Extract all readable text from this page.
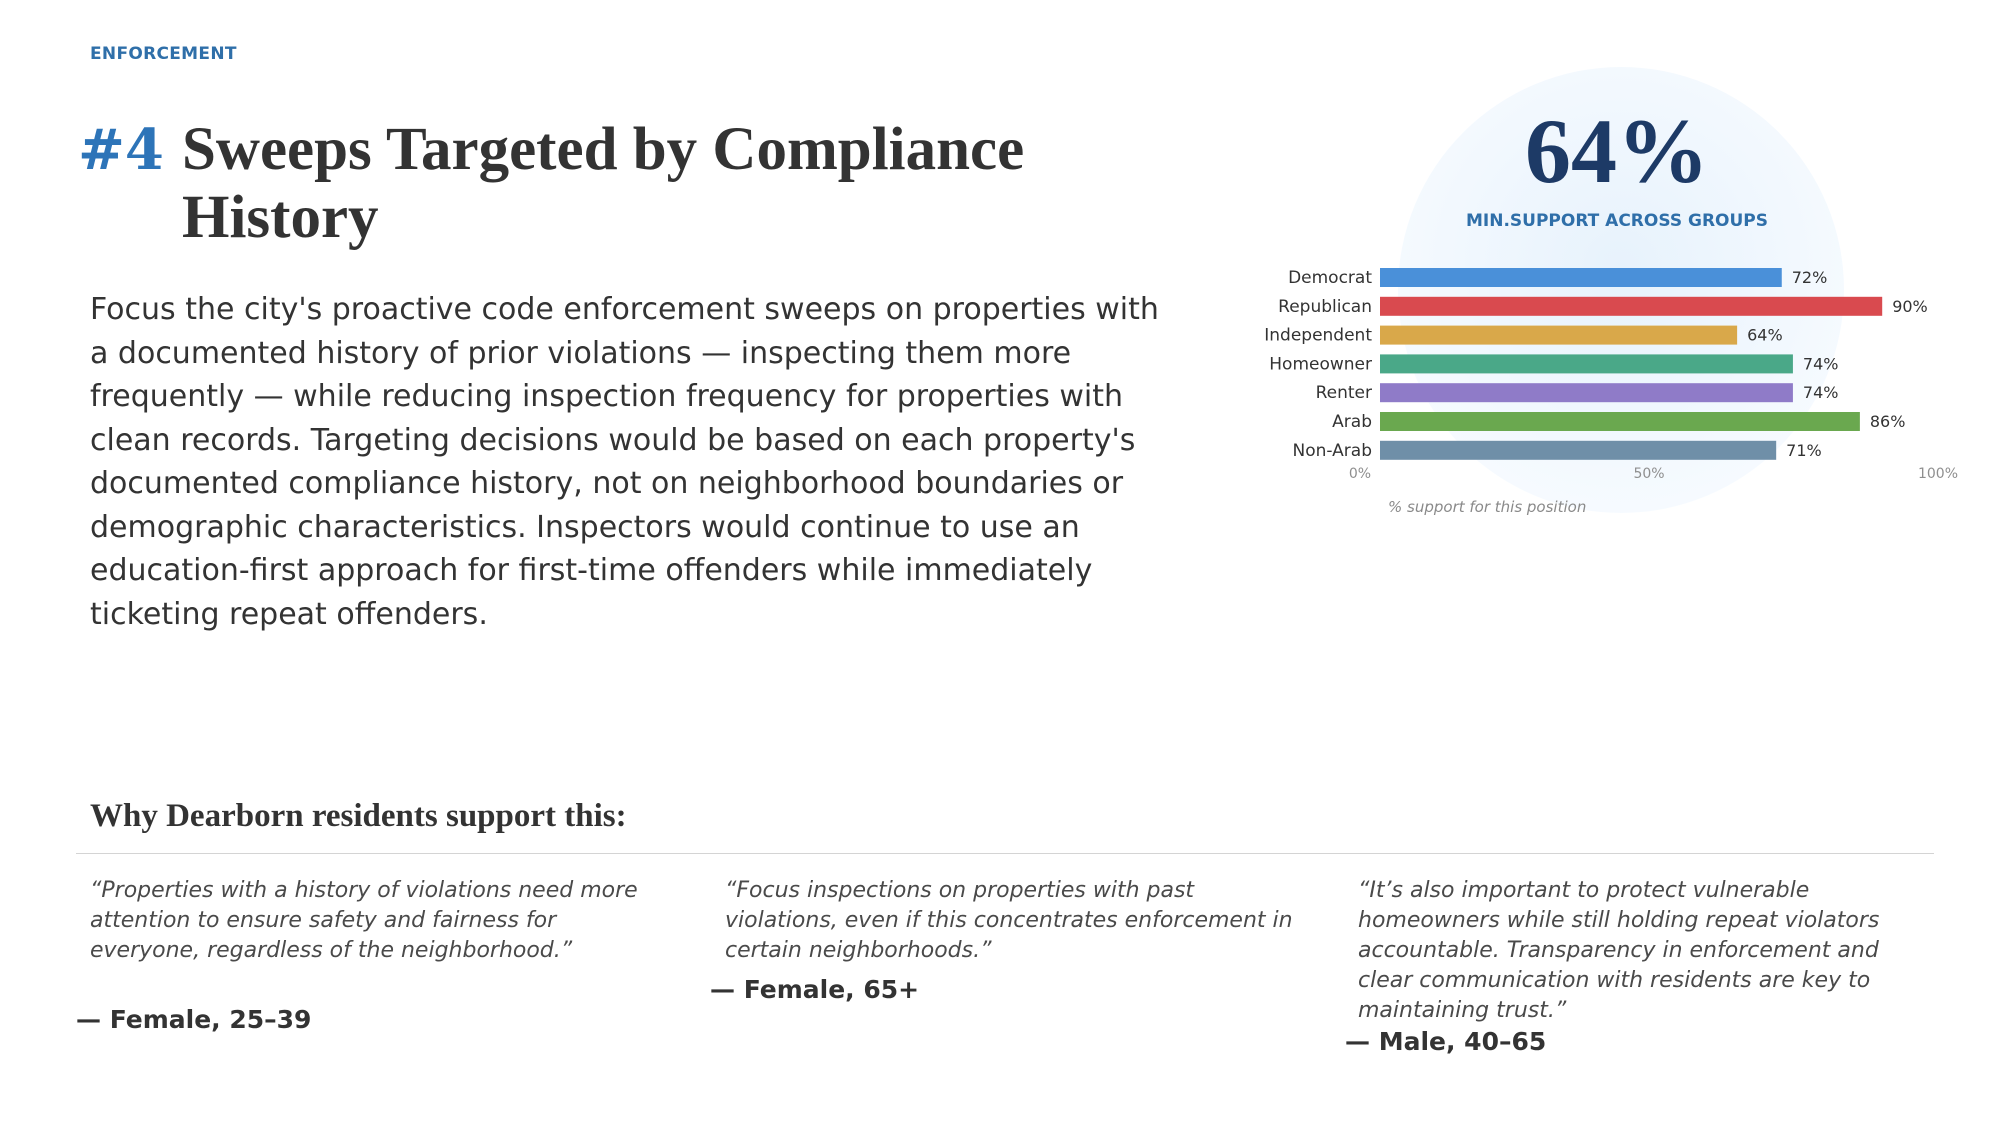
ENFORCEMENT
#4 Sweeps Targeted by Compliance History
Focus the city's proactive code enforcement sweeps on properties with a documented history of prior violations — inspecting them more frequently — while reducing inspection frequency for properties with clean records. Targeting decisions would be based on each property's documented compliance history, not on neighborhood boundaries or demographic characteristics. Inspectors would continue to use an education-first approach for first-time offenders while immediately ticketing repeat offenders.
64%
MIN.SUPPORT ACROSS GROUPS
Democrat
Republican
Independent
Homeowner
Renter
Arab
Non-Arab
72%
90%
64%
74%
74%
86%
71%
0%	50%	100%
% support for this position
Why Dearborn residents support this:
“Properties with a history of violations need more attention to ensure safety and fairness for everyone, regardless of the neighborhood.”
— Female, 25–39
“Focus inspections on properties with past violations, even if this concentrates enforcement in certain neighborhoods.”
— Female, 65+
“It’s also important to protect vulnerable homeowners while still holding repeat violators accountable. Transparency in enforcement and clear communication with residents are key to maintaining trust.”
— Male, 40–65
